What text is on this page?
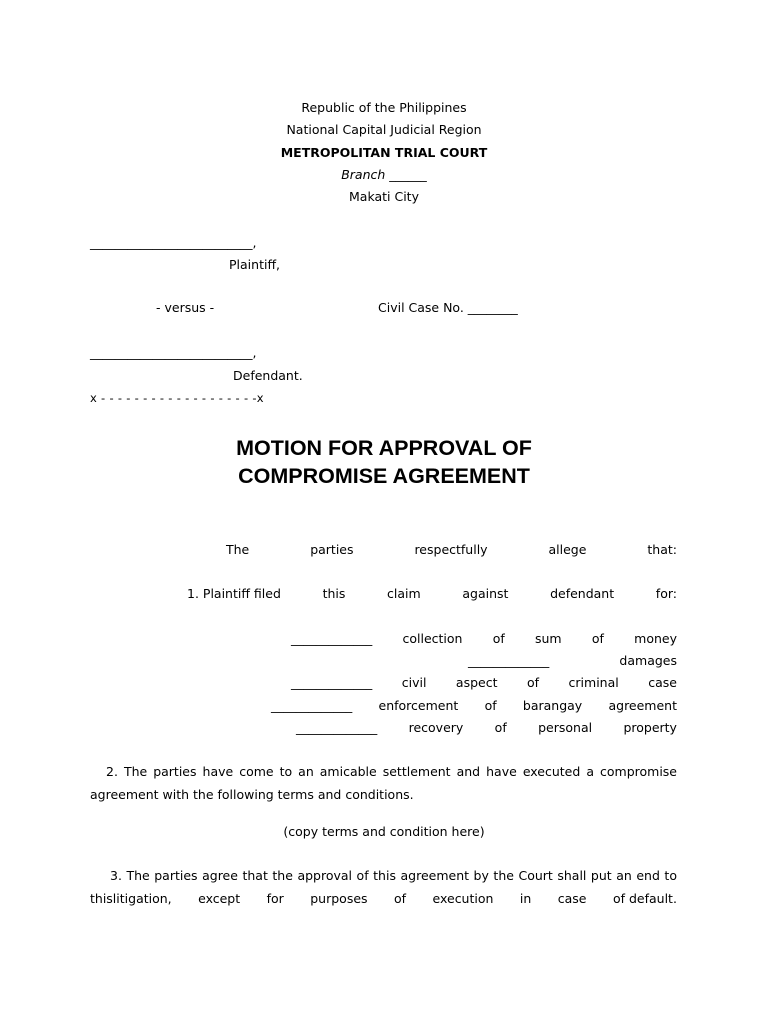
Republic of the Philippines
National Capital Judicial Region
METROPOLITAN TRIAL COURT
Branch ______
Makati City
__________________________,
Plaintiff,
- versus -	Civil Case No. ________
__________________________,
Defendant.
x - - - - - - - - - - - - - - - - - - -x
MOTION FOR APPROVAL OF
COMPROMISE AGREEMENT
The	parties	respectfully	allege	that:
1. Plaintiff filed	this	claim	against	defendant	for:
_____________ collection of sum of money
_____________	damages
_____________ civil aspect of criminal case
_____________ enforcement of barangay agreement
_____________	recovery	of	personal	property
2. The parties have come to an amicable settlement and have executed a compromise
agreement with the following terms and conditions.
(copy terms and condition here)
3. The parties agree that the approval of this agreement by the Court shall put an end to
thislitigation, except for purposes of execution in case of default.
